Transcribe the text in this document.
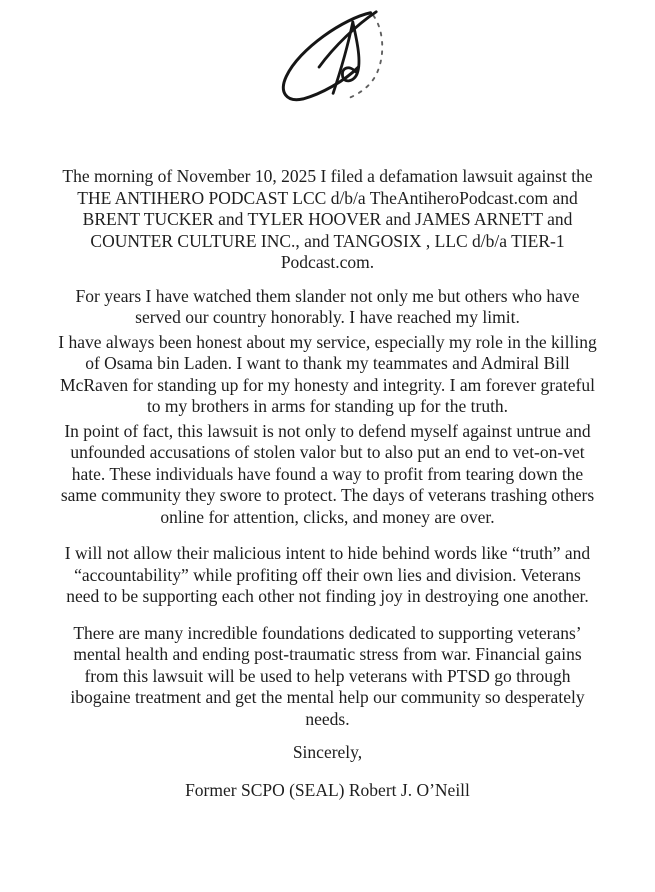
The morning of November 10, 2025 I filed a defamation lawsuit against the THE ANTIHERO PODCAST LCC d/b/a TheAntiheroPodcast.com and BRENT TUCKER and TYLER HOOVER and JAMES ARNETT and COUNTER CULTURE INC., and TANGOSIX , LLC d/b/a TIER-1 Podcast.com.

For years I have watched them slander not only me but others who have served our country honorably. I have reached my limit.

I have always been honest about my service, especially my role in the killing of Osama bin Laden. I want to thank my teammates and Admiral Bill McRaven for standing up for my honesty and integrity. I am forever grateful to my brothers in arms for standing up for the truth.

In point of fact, this lawsuit is not only to defend myself against untrue and unfounded accusations of stolen valor but to also put an end to vet-on-vet hate. These individuals have found a way to profit from tearing down the same community they swore to protect. The days of veterans trashing others online for attention, clicks, and money are over.

I will not allow their malicious intent to hide behind words like “truth” and “accountability” while profiting off their own lies and division. Veterans need to be supporting each other not finding joy in destroying one another.

There are many incredible foundations dedicated to supporting veterans’ mental health and ending post-traumatic stress from war. Financial gains from this lawsuit will be used to help veterans with PTSD go through ibogaine treatment and get the mental help our community so desperately needs.

Sincerely,

Former SCPO (SEAL) Robert J. O’Neill
